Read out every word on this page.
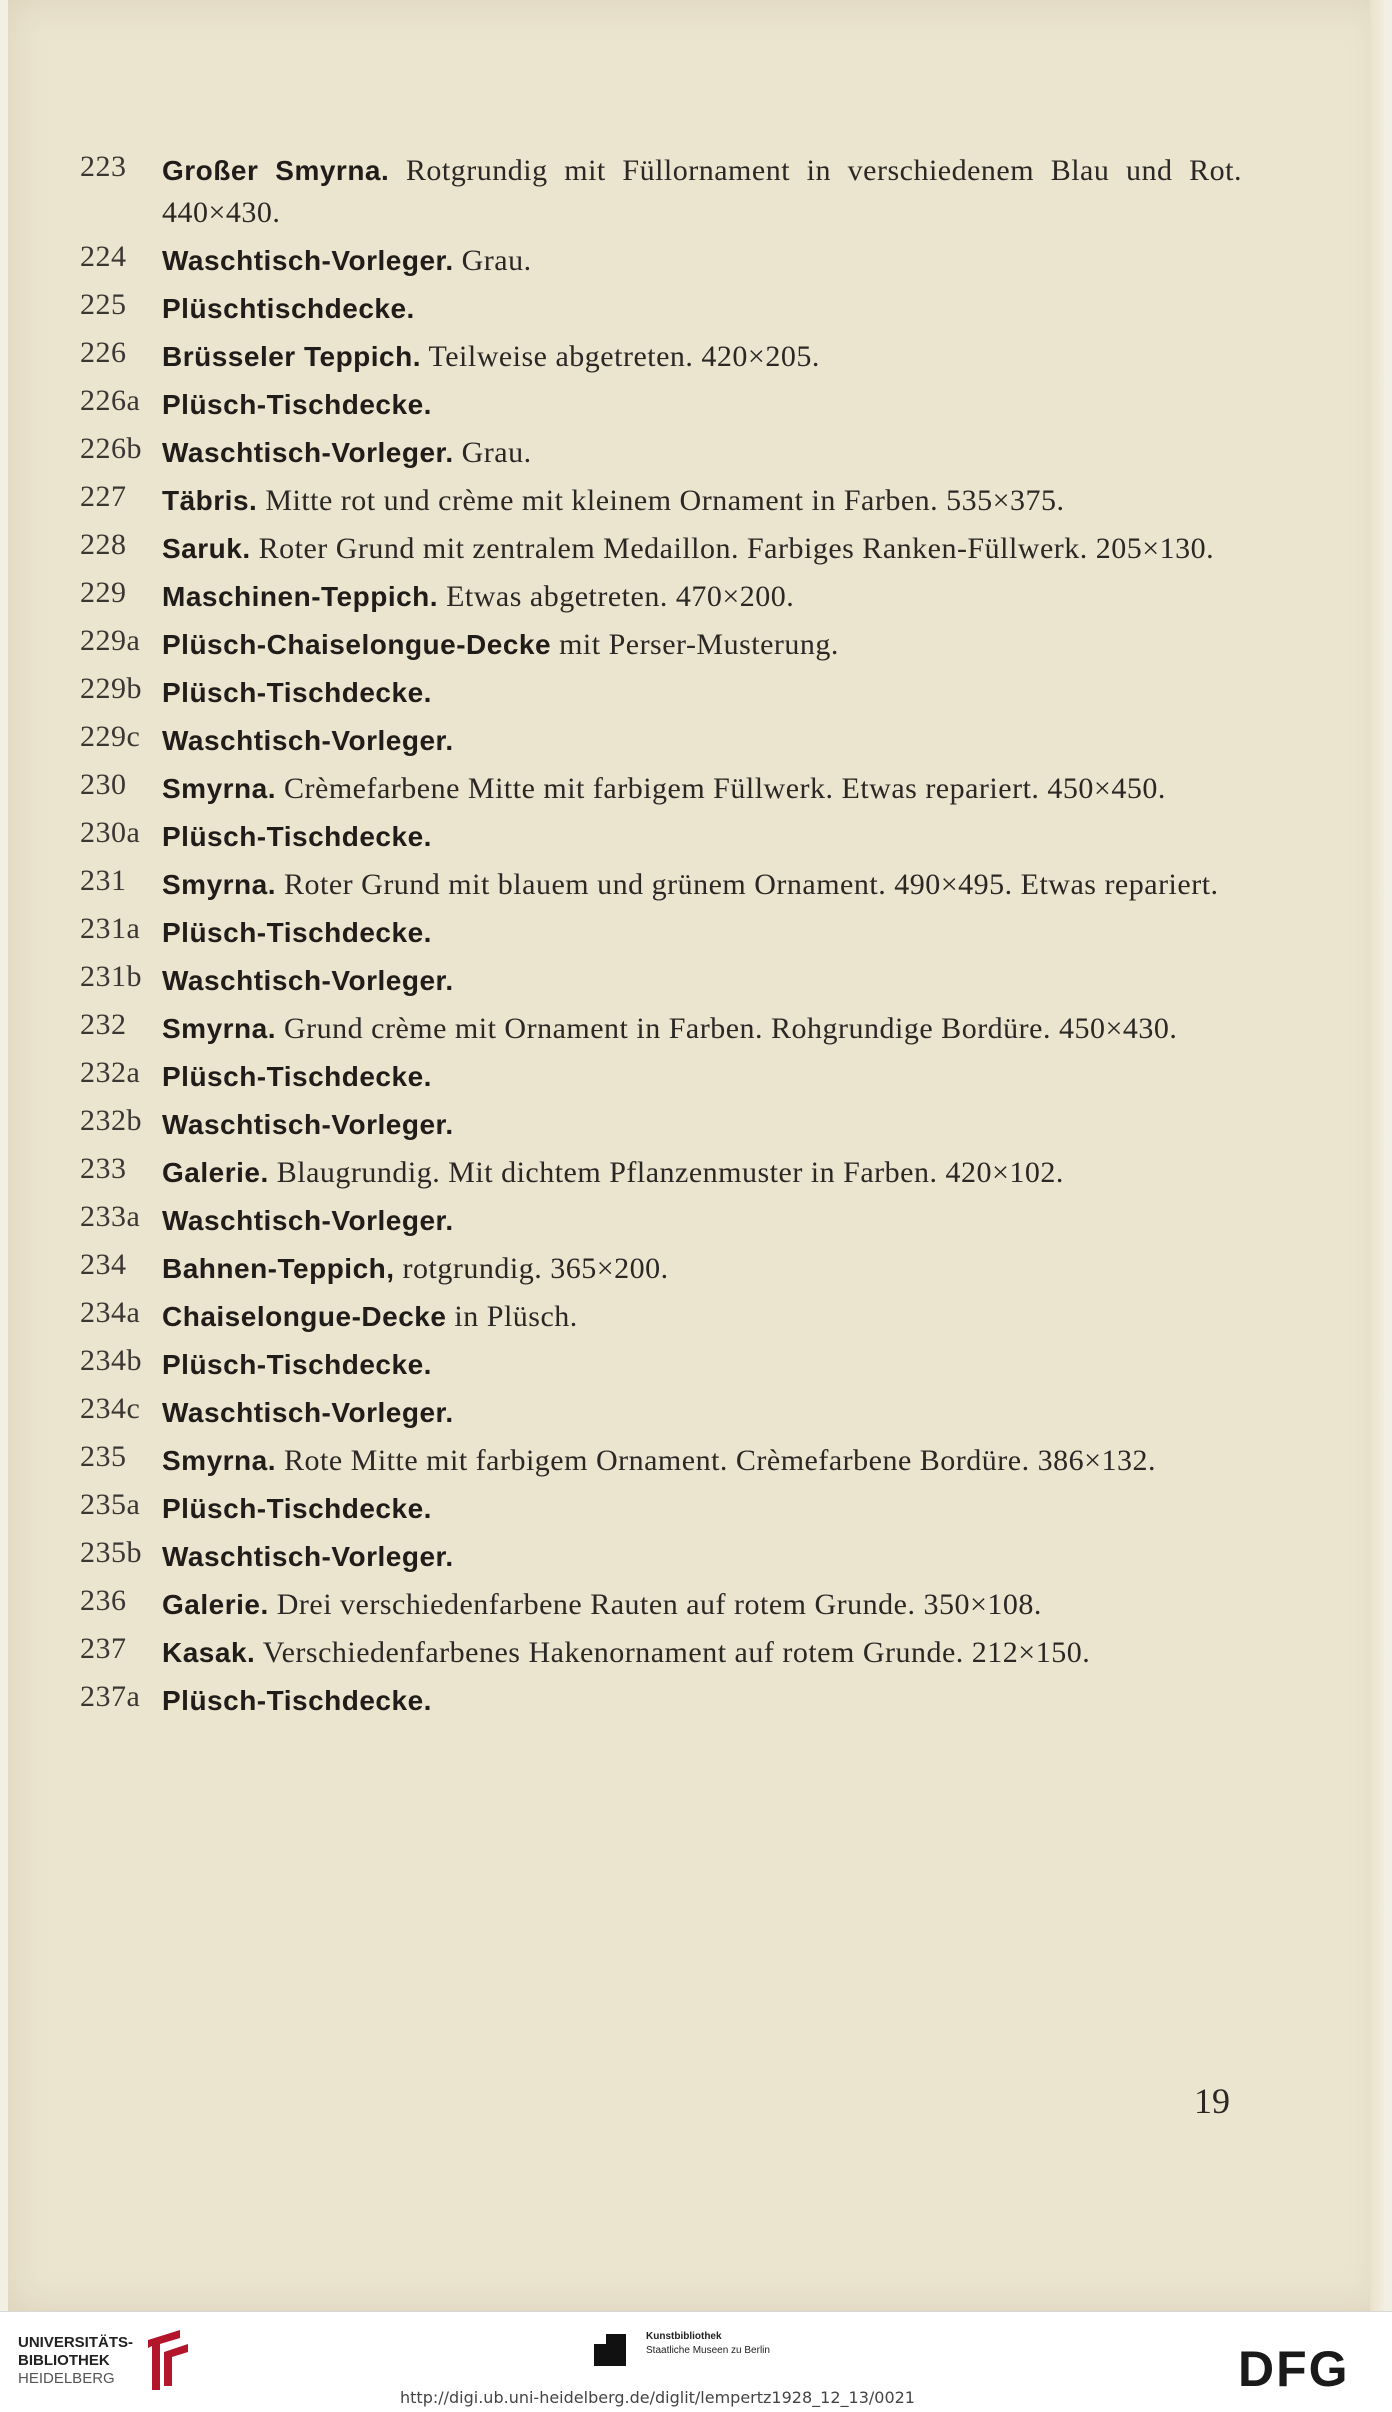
223	Großer Smyrna. Rotgrundig mit Füllornament in verschiedenem Blau und Rot. 440×430.
224	Waschtisch-Vorleger. Grau.
225	Plüschtischdecke.
226	Brüsseler Teppich. Teilweise abgetreten. 420×205.
226a Plüsch-Tischdecke.
226b Waschtisch-Vorleger. Grau.
227	Täbris. Mitte rot und crème mit kleinem Ornament in Farben. 535×375.
228	Saruk. Roter Grund mit zentralem Medaillon. Farbiges Ranken-Füllwerk. 205×130.
229	Maschinen-Teppich. Etwas abgetreten. 470×200.
229a Plüsch-Chaiselongue-Decke mit Perser-Musterung.
229b Plüsch-Tischdecke.
229c Waschtisch-Vorleger.
230	Smyrna. Crèmefarbene Mitte mit farbigem Füllwerk. Etwas repariert. 450×450.
230a Plüsch-Tischdecke.
231	Smyrna. Roter Grund mit blauem und grünem Ornament. 490×495. Etwas repariert.
231a Plüsch-Tischdecke.
231b Waschtisch-Vorleger.
232	Smyrna. Grund crème mit Ornament in Farben. Rohgrundige Bordüre. 450×430.
232a Plüsch-Tischdecke.
232b Waschtisch-Vorleger.
233	Galerie. Blaugrundig. Mit dichtem Pflanzenmuster in Farben. 420×102.
233a Waschtisch-Vorleger.
234	Bahnen-Teppich, rotgrundig. 365×200.
234a Chaiselongue-Decke in Plüsch.
234b Plüsch-Tischdecke.
234c Waschtisch-Vorleger.
235	Smyrna. Rote Mitte mit farbigem Ornament. Crèmefarbene Bordüre. 386×132.
235a Plüsch-Tischdecke.
235b Waschtisch-Vorleger.
236	Galerie. Drei verschiedenfarbene Rauten auf rotem Grunde. 350×108.
237	Kasak. Verschiedenfarbenes Hakenornament auf rotem Grunde. 212×150.
237a Plüsch-Tischdecke.
19
UNIVERSITÄTS-
BIBLIOTHEK
HEIDELBERG
Kunstbibliothek
Staatliche Museen zu Berlin	DFG
http://digi.ub.uni-heidelberg.de/diglit/lempertz1928_12_13/0021
